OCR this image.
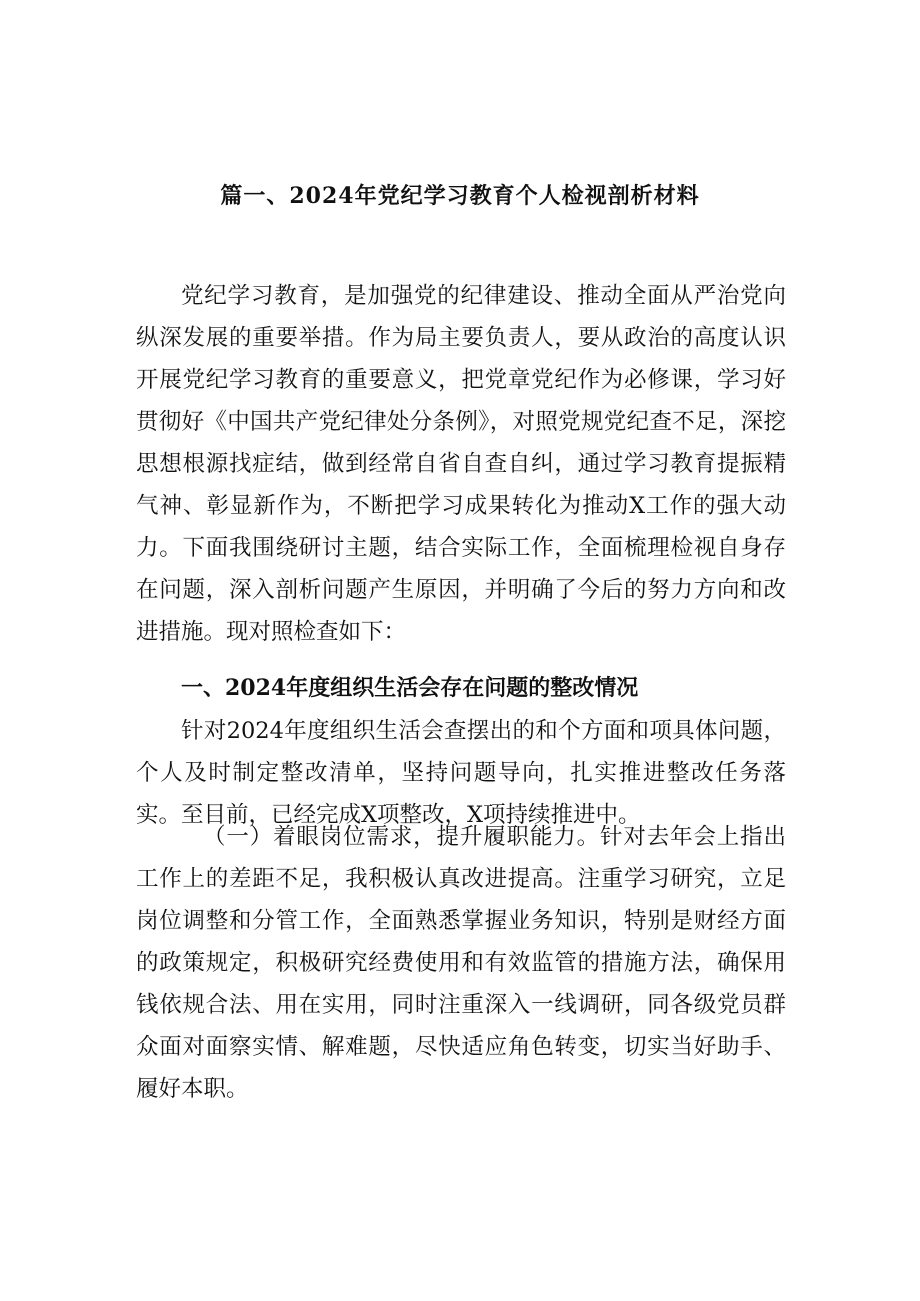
篇一、2024年党纪学习教育个人检视剖析材料

党纪学习教育，是加强党的纪律建设、推动全面从严治党向纵深发展的重要举措。作为局主要负责人，要从政治的高度认识开展党纪学习教育的重要意义，把党章党纪作为必修课，学习好贯彻好《中国共产党纪律处分条例》，对照党规党纪查不足，深挖思想根源找症结，做到经常自省自查自纠，通过学习教育提振精气神、彰显新作为，不断把学习成果转化为推动X工作的强大动力。下面我围绕研讨主题，结合实际工作，全面梳理检视自身存在问题，深入剖析问题产生原因，并明确了今后的努力方向和改进措施。现对照检查如下：

一、2024年度组织生活会存在问题的整改情况

针对2024年度组织生活会查摆出的和个方面和项具体问题，个人及时制定整改清单，坚持问题导向，扎实推进整改任务落实。至目前，已经完成X项整改，X项持续推进中。

（一）着眼岗位需求，提升履职能力。针对去年会上指出工作上的差距不足，我积极认真改进提高。注重学习研究，立足岗位调整和分管工作，全面熟悉掌握业务知识，特别是财经方面的政策规定，积极研究经费使用和有效监管的措施方法，确保用钱依规合法、用在实用，同时注重深入一线调研，同各级党员群众面对面察实情、解难题，尽快适应角色转变，切实当好助手、履好本职。
